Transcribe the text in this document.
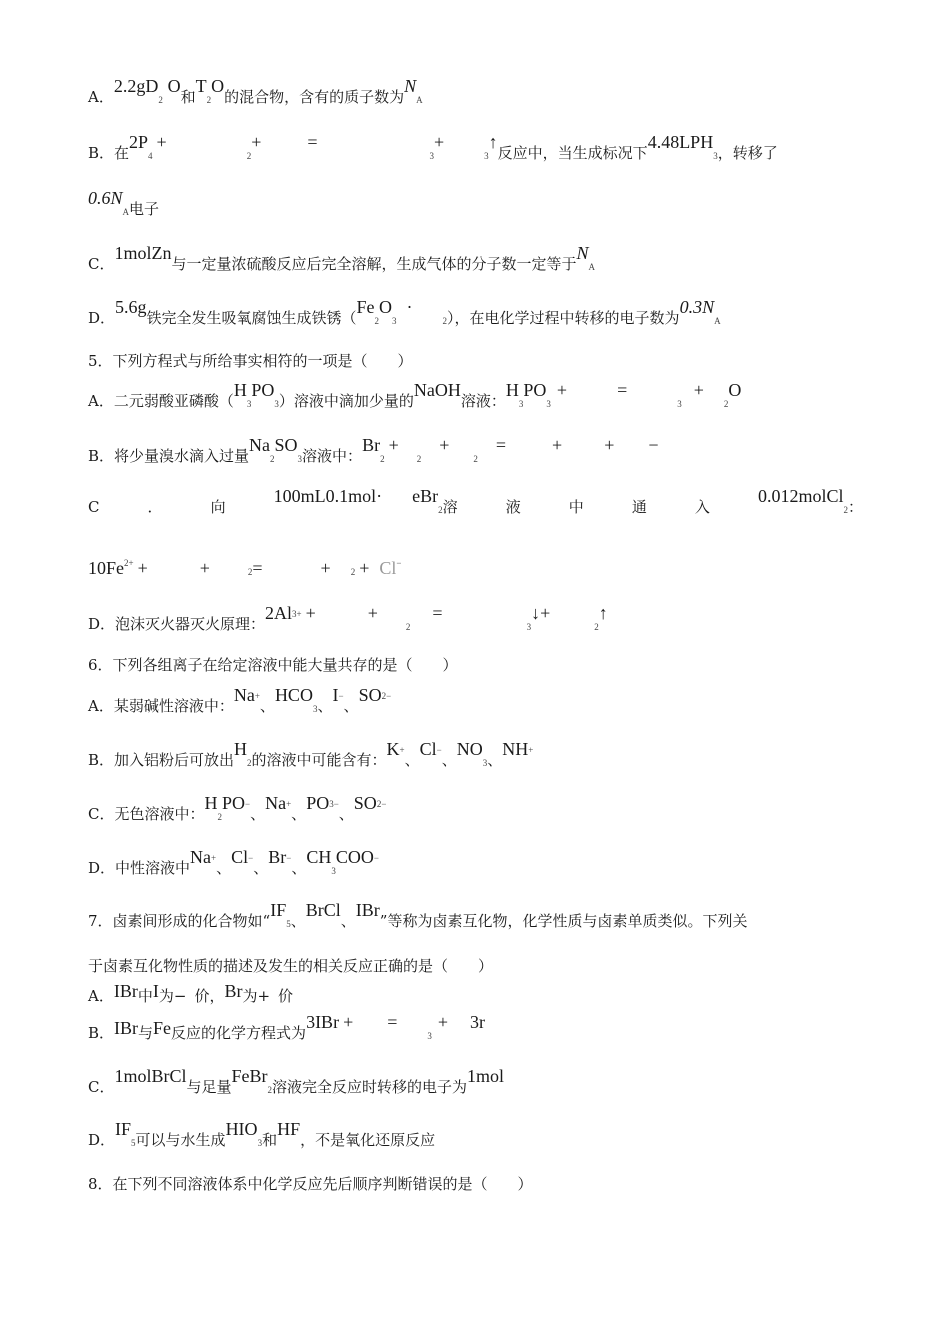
A．2.2gD2 O和T2O的混合物，含有的质子数为NA
B．在2P4+2+	=3+3↑反应中，当生成标况下4.48LPH3，转移了
0.6NA电子
C．1molZn与一定量浓硫酸反应后完全溶解，生成气体的分子数一定等于NA
D．5.6g铁完全发生吸氧腐蚀生成铁锈（Fe2O3·2），在电化学过程中转移的电子数为0.3NA
5．下列方程式与所给事实相符的一项是（　　）
A．二元弱酸亚磷酸（H3PO3）溶液中滴加少量的NaOH溶液：H3PO3+	=3+2O
B．将少量溴水滴入过量Na2SO3溶液中：Br2+2+2=	+ + −
C	．	向
100mL0.1mol· eBr2溶	液	中	通	入
0.012molCl2：
$10Fe^{2+}$ +	+	2=	+ 2 + Cl−
D．泡沫灭火器灭火原理：$2Al^{3+}$ +	+2=3↓+2↑
6．下列各组离子在给定溶液中能大量共存的是（　　）
A．某弱碱性溶液中：Na+、HCO3、I−、$SO^{2-}$
B．加入铝粉后可放出H2的溶液中可能含有：K+、Cl−、NO3、NH+
C．无色溶液中：H2PO−、Na+、$PO^{3-}$、$SO^{2-}$
D．中性溶液中Na+、Cl−、Br−、CH3COO−
7．卤素间形成的化合物如“IF5、BrCl、IBr”等称为卤素互化物，化学性质与卤素单质类似。下列关
于卤素互化物性质的描述及发生的相关反应正确的是（　　）
A．IBr中I为− 价，Br为+ 价
B．IBr与Fe反应的化学方程式为3IBr + =3+ 3r
C．1molBrCl与足量FeBr2溶液完全反应时转移的电子为1mol
D．IF5可以与水生成HIO3和HF，不是氧化还原反应
8．在下列不同溶液体系中化学反应先后顺序判断错误的是（　　）
